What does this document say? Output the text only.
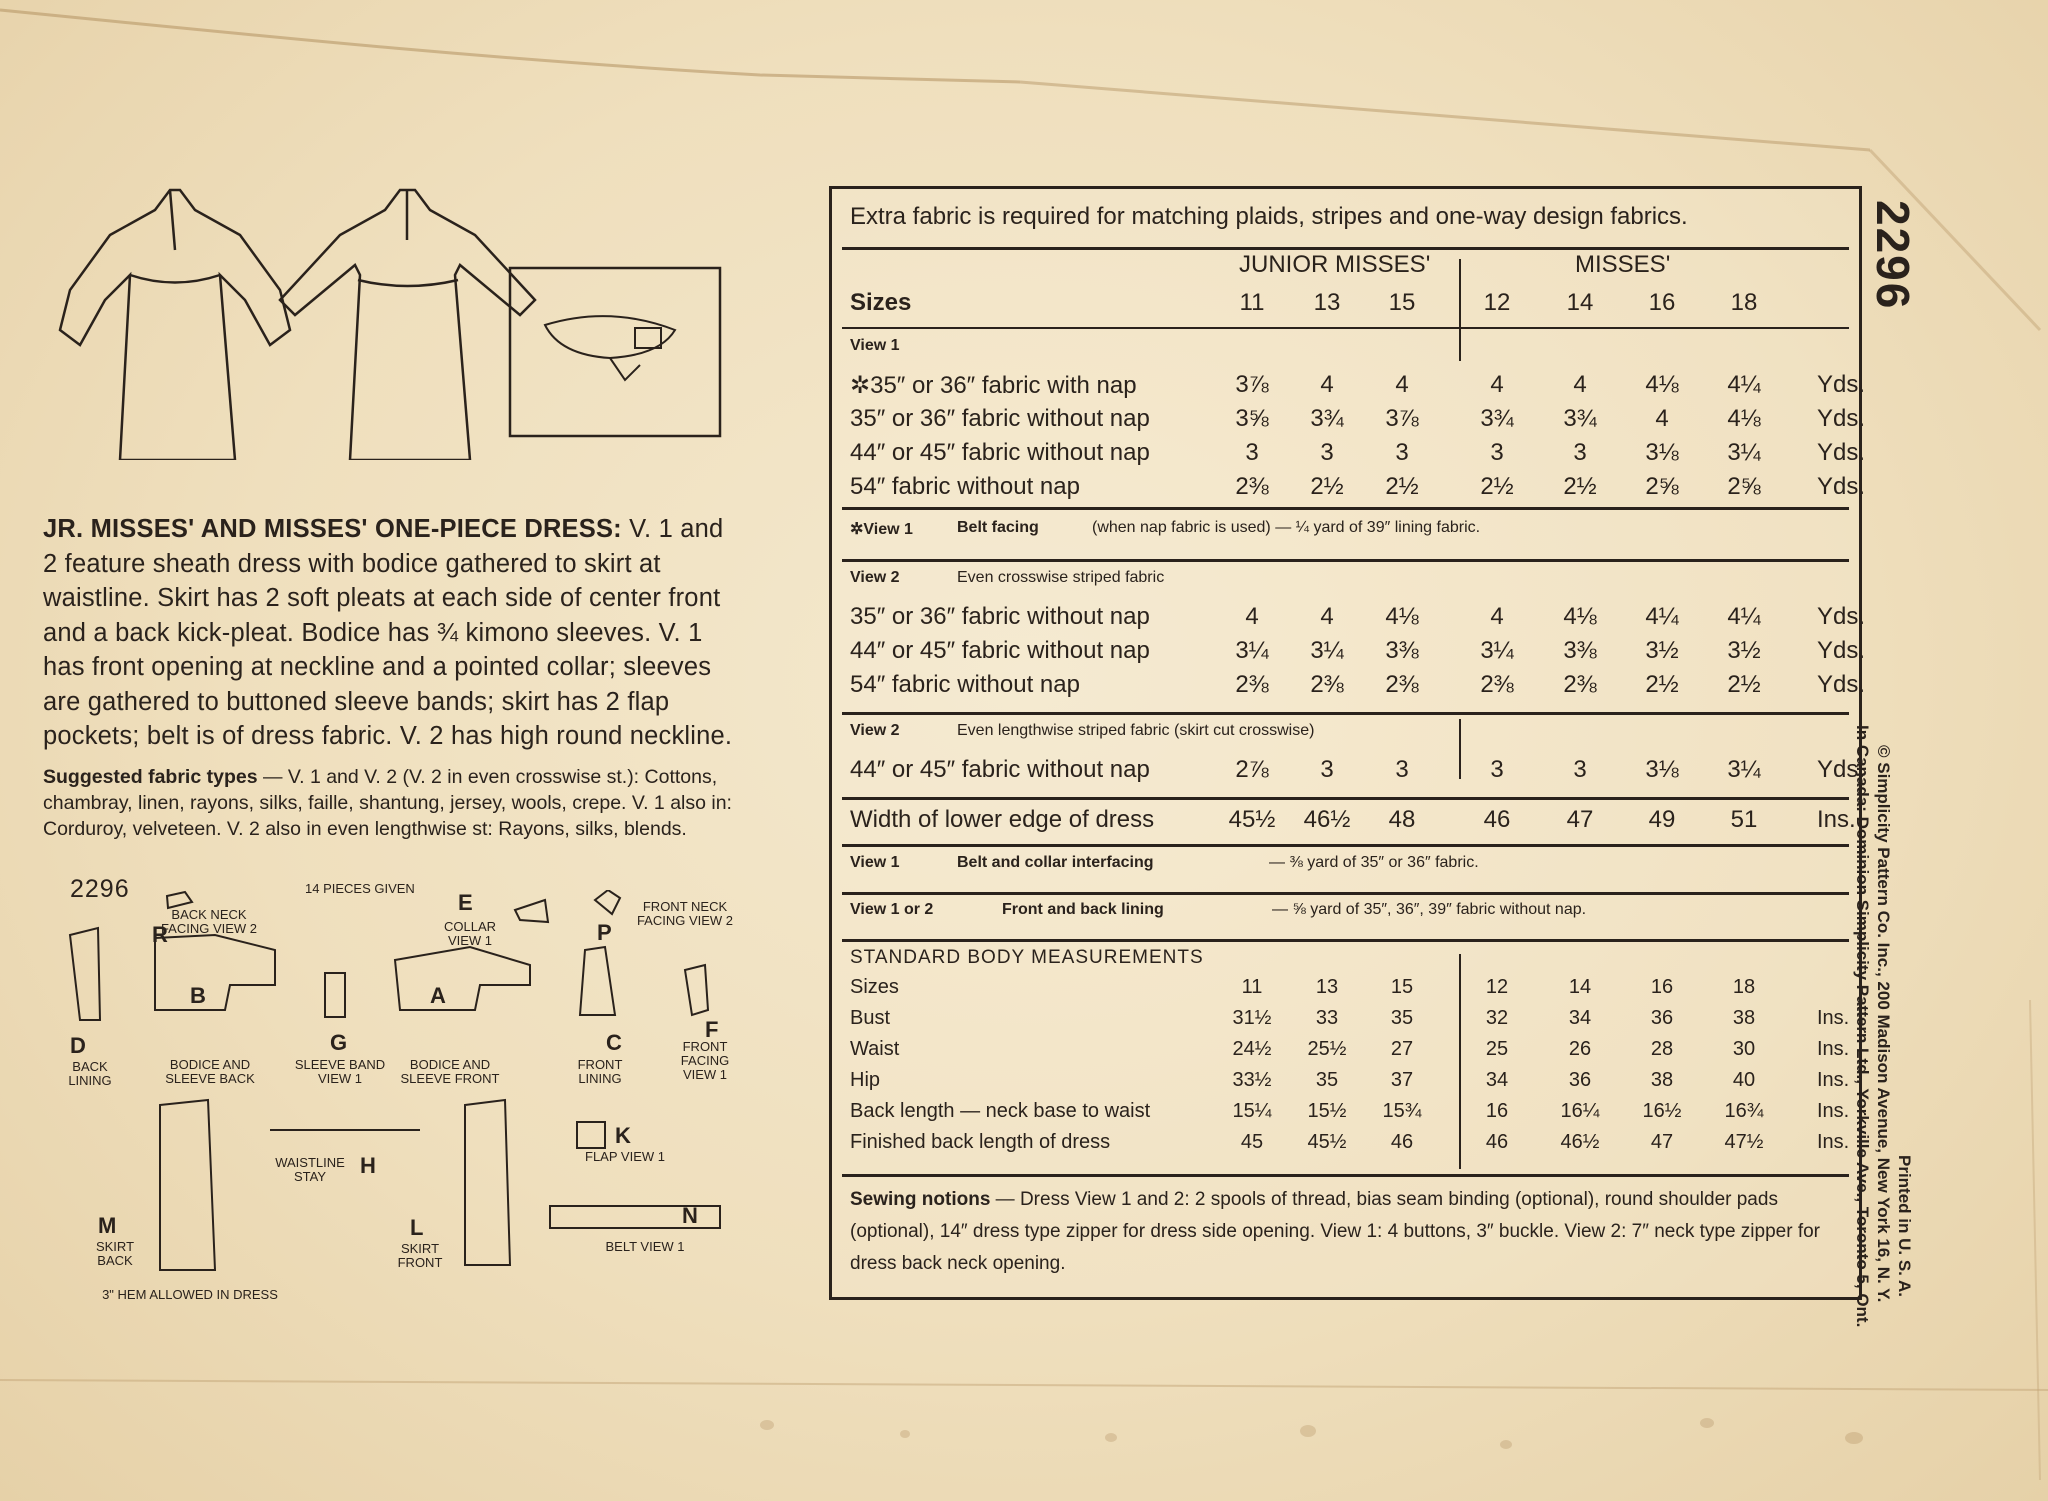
JR. MISSES' AND MISSES' ONE-PIECE DRESS: V. 1 and 2 feature sheath dress with bodice gathered to skirt at waistline. Skirt has 2 soft pleats at each side of center front and a back kick-pleat. Bodice has ¾ kimono sleeves. V. 1 has front opening at neckline and a pointed collar; sleeves are gathered to buttoned sleeve bands; skirt has 2 flap pockets; belt is of dress fabric. V. 2 has high round neckline.
Suggested fabric types — V. 1 and V. 2 (V. 2 in even crosswise st.): Cottons, chambray, linen, rayons, silks, faille, shantung, jersey, wools, crepe. V. 1 also in: Corduroy, velveteen. V. 2 also in even lengthwise st: Rayons, silks, blends.
2296	14 PIECES GIVEN
BACK NECK FACING VIEW 2
R	COLLAR VIEW 1
E	FRONT NECK FACING VIEW 2
P
BACK LINING
D
B
BODICE AND SLEEVE BACK
G
SLEEVE BAND VIEW 1
A
BODICE AND SLEEVE FRONT
C
FRONT LINING
F
FRONT FACING VIEW 1
H
WAISTLINE STAY
K
FLAP VIEW 1
M
SKIRT BACK
L
SKIRT FRONT
N
BELT VIEW 1
3" HEM ALLOWED IN DRESS
Extra fabric is required for matching plaids, stripes and one-way design fabrics.
JUNIOR MISSES'	MISSES'
Sizes	11	13	15	12	14	16	18
View 1
✲35″ or 36″ fabric with nap	3⅞	4	4	4	4	4⅛	4¼	Yds.
35″ or 36″ fabric without nap	3⅝	3¾	3⅞	3¾	3¾	4	4⅛	Yds.
44″ or 45″ fabric without nap	3	3	3	3	3	3⅛	3¼	Yds.
54″ fabric without nap	2⅜	2½	2½	2½	2½	2⅝	2⅝	Yds.
✲View 1	Belt facing	(when nap fabric is used) — ¼ yard of 39″ lining fabric.
View 2	Even crosswise striped fabric
35″ or 36″ fabric without nap	4	4	4⅛	4	4⅛	4¼	4¼	Yds.
44″ or 45″ fabric without nap	3¼	3¼	3⅜	3¼	3⅜	3½	3½	Yds.
54″ fabric without nap	2⅜	2⅜	2⅜	2⅜	2⅜	2½	2½	Yds.
View 2	Even lengthwise striped fabric (skirt cut crosswise)
44″ or 45″ fabric without nap	2⅞	3	3	3	3	3⅛	3¼	Yds.
Width of lower edge of dress	45½	46½	48	46	47	49	51	Ins.
View 1	Belt and collar interfacing	— ⅜ yard of 35″ or 36″ fabric.
View 1 or 2	Front and back lining	— ⅝ yard of 35″, 36″, 39″ fabric without nap.
STANDARD BODY MEASUREMENTS
Sizes	11	13	15	12	14	16	18
Bust	31½	33	35	32	34	36	38	Ins.
Waist	24½	25½	27	25	26	28	30	Ins.
Hip	33½	35	37	34	36	38	40	Ins.
Back length — neck base to waist	15¼	15½	15¾	16	16¼	16½	16¾	Ins.
Finished back length of dress	45	45½	46	46	46½	47	47½	Ins.
Sewing notions — Dress View 1 and 2: 2 spools of thread, bias seam binding (optional), round shoulder pads (optional), 14″ dress type zipper for dress side opening. View 1: 4 buttons, 3″ buckle. View 2: 7″ neck type zipper for dress back neck opening.
2296
© Simplicity Pattern Co. Inc., 200 Madison Avenue, New York 16, N. Y.
In Canada: Dominion Simplicity Pattern Ltd., Yorkville Ave., Toronto 5, Ont. Printed in U. S. A.
